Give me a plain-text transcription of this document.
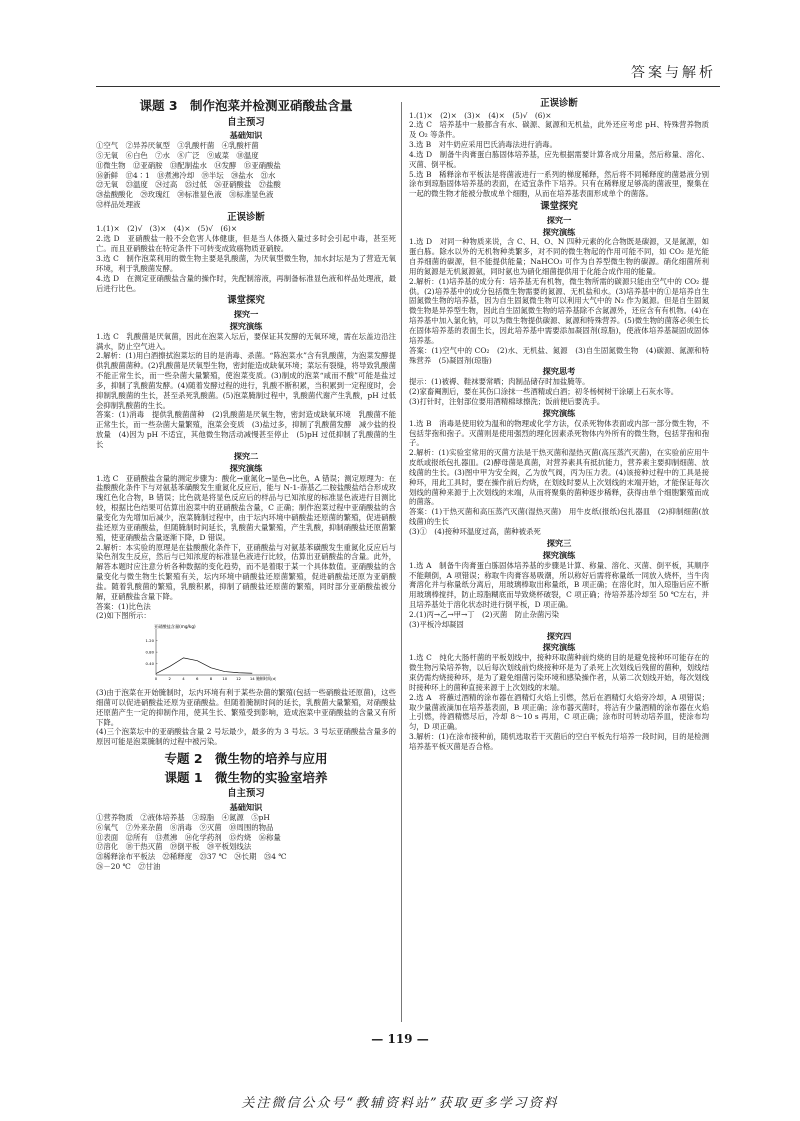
答案与解析
课题 3　制作泡菜并检测亚硝酸盐含量
自主预习
基础知识

①空气　②异养厌氧型　③乳酸杆菌　④乳酸杆菌

⑤无氧　⑥白色　⑦水　⑧广泛　⑨咸菜　⑩温度

⑪微生物　⑫亚硝胺　⑬配制盐水　⑭发酵　⑮亚硝酸盐

⑯新鲜　⑰4∶1　⑱煮沸冷却　⑲半坛　⑳盐水　㉑水

㉒无氧　㉓温度　㉔过高　㉕过低　㉖亚硝酸盐　㉗盐酸

㉘盐酸酸化　㉙玫瑰红　㉚标准显色液　㉛标准显色液

㉜样品处理液

正误诊断

1.(1)×　(2)√　(3)×　(4)×　(5)√　(6)×

2.选 D　亚硝酸盐一般不会危害人体健康，但是当人体摄入量过多时会引起中毒，甚至死亡。而且亚硝酸盐在特定条件下可转变成致癌物质亚硝胺。

3.选 C　制作泡菜利用的微生物主要是乳酸菌，为厌氧型微生物，加水封坛是为了营造无氧环境，利于乳酸菌发酵。

4.选 D　在测定亚硝酸盐含量的操作时，先配制溶液，再制备标准显色液和样品处理液，最后进行比色。

课堂探究
探究一
探究演练

1.选 C　乳酸菌是厌氧菌，因此在泡菜入坛后，要保证其发酵的无氧环境，需在坛盖边沿注满水，防止空气进入。

2.解析：(1)用白酒擦拭泡菜坛的目的是消毒、杀菌。“陈泡菜水”含有乳酸菌，为泡菜发酵提供乳酸菌菌种。(2)乳酸菌是厌氧型生物，密封能造成缺氧环境；菜坛有裂缝，将导致乳酸菌不能正常生长，而一些杂菌大量繁殖，使泡菜变质。(3)制成的泡菜“咸而不酸”可能是盐过多，抑制了乳酸菌发酵。(4)随着发酵过程的进行，乳酸不断积累，当积累到一定程度时，会抑制乳酸菌的生长，甚至杀死乳酸菌。(5)泡菜腌制过程中，乳酸菌代谢产生乳酸，pH 过低会抑制乳酸菌的生长。

答案：(1)消毒　提供乳酸菌菌种　(2)乳酸菌是厌氧生物，密封造成缺氧环境　乳酸菌不能正常生长，而一些杂菌大量繁殖，泡菜会变质　(3)盐过多，抑制了乳酸菌发酵　减少盐的投放量　(4)因为 pH 不适宜，其他微生物活动减慢甚至停止　(5)pH 过低抑制了乳酸菌的生长

探究二
探究演练

1.选 C　亚硝酸盐含量的测定步骤为：酸化→重氮化→显色→比色，A 错误；测定原理为：在盐酸酸化条件下与对氨基苯磺酸发生重氮化反应后，能与 N-1-萘基乙二胺盐酸盐结合形成玫瑰红色化合物，B 错误；比色就是将显色反应后的样品与已知浓度的标准显色液进行目测比较，根据比色结果可估算出泡菜中的亚硝酸盐含量，C 正确；制作泡菜过程中亚硝酸盐的含量变化为先增加后减少，泡菜腌制过程中，由于坛内环境中硝酸盐还原菌的繁殖，促进硝酸盐还原为亚硝酸盐，但随腌制时间延长，乳酸菌大量繁殖，产生乳酸，抑制硝酸盐还原菌繁殖，使亚硝酸盐含量逐渐下降，D 错误。

2.解析：本实验的原理是在盐酸酸化条件下，亚硝酸盐与对氨基苯磺酸发生重氮化反应后与染色剂发生反应，然后与已知浓度的标准显色液进行比较，估算出亚硝酸盐的含量。此外，解答本题时应注意分析各种数据的变化趋势，而不是着眼于某一个具体数值。亚硝酸盐的含量变化与微生物生长繁殖有关，坛内环境中硝酸盐还原菌繁殖，促进硝酸盐还原为亚硝酸盐。随着乳酸菌的繁殖，乳酸积累，抑制了硝酸盐还原菌的繁殖，同时部分亚硝酸盐被分解，亚硝酸盐含量下降。

答案：(1)比色法

(2)如下图所示：

亚硝酸盐含量(mg/kg)
0	2	4	6	8	10 12 14
0.40
0.80
1.20
腌制时间(d)

(3)由于泡菜在开始腌制时，坛内环境有利于某些杂菌的繁殖(包括一些硝酸盐还原菌)，这些细菌可以促进硝酸盐还原为亚硝酸盐。但随着腌制时间的延长，乳酸菌大量繁殖，对硝酸盐还原菌产生一定的抑制作用，使其生长、繁殖受到影响，造成泡菜中亚硝酸盐的含量又有所下降。

(4)三个泡菜坛中的亚硝酸盐含量 2 号坛最少，最多的为 3 号坛。3 号坛亚硝酸盐含量多的原因可能是泡菜腌制的过程中被污染。

专题 2　微生物的培养与应用
课题 1　微生物的实验室培养
自主预习
基础知识

①营养物质　②液体培养基　③琼脂　④氮源　⑤pH

⑥氧气　⑦外来杂菌　⑧消毒　⑨灭菌　⑩周围的物品

⑪表面　⑫所有　⑬煮沸　⑭化学药剂　⑮灼烧　⑯称量

⑰溶化　⑱干热灭菌　⑲倒平板　⑳平板划线法

㉑稀释涂布平板法　㉒稀释度　㉓37 ℃　㉔长期　㉕4 ℃

㉖－20 ℃　㉗甘油

正误诊断

1.(1)×　(2)×　(3)×　(4)×　(5)√　(6)×

2.选 C　培养基中一般都含有水、碳源、氮源和无机盐，此外还应考虑 pH、特殊营养物质及 O₂ 等条件。

3.选 B　对牛奶应采用巴氏消毒法进行消毒。

4.选 D　制备牛肉膏蛋白胨固体培养基，应先根据需要计算各成分用量，然后称量、溶化、灭菌、倒平板。

5.选 B　稀释涂布平板法是将菌液进行一系列的梯度稀释，然后将不同稀释度的菌悬液分别涂布到琼脂固体培养基的表面，在适宜条件下培养。只有在稀释度足够高的菌液里，聚集在一起的微生物才能被分散成单个细胞，从而在培养基表面形成单个的菌落。

课堂探究
探究一
探究演练

1.选 D　对同一种物质来说，含 C、H、O、N 四种元素的化合物既是碳源，又是氮源，如蛋白胨。除水以外的无机物种类繁多，对不同的微生物起的作用可能不同，如 CO₂ 是光能自养细菌的碳源，但不能提供能量；NaHCO₃ 可作为自养型微生物的碳源。硝化细菌所利用的氮源是无机氮源氨，同时氨也为硝化细菌提供用于化能合成作用的能量。

2.解析：(1)培养基的成分有：培养基无有机物，微生物所需的碳源只能由空气中的 CO₂ 提供。(2)培养基中的成分包括微生物需要的氮源、无机盐和水。(3)培养基中的①是培养自生固氮微生物的培养基，因为自生固氮微生物可以利用大气中的 N₂ 作为氮源。但是自生固氮微生物是异养型生物，因此自生固氮微生物的培养基除不含氮源外，还应含有有机物。(4)在培养基中加入氯化钠，可以为微生物提供碳源、氮源和特殊营养。(5)微生物的菌落必须生长在固体培养基的表面生长，因此培养基中需要添加凝固剂(琼脂)，使液体培养基凝固成固体培养基。

答案：(1)空气中的 CO₂　(2)水、无机盐、氮源　(3)自生固氮微生物　(4)碳源、氮源和特殊营养　(5)凝固剂(琼脂)

探究思考

提示：(1)被褥、鞋袜要常晒；肉制品储存时加盐腌等。

(2)家畜阉割后，要在其伤口涂抹一些酒精或白酒；初冬杨树树干涂刷上石灰水等。

(3)打针时，注射部位要用酒精棉球擦洗；饭前便后要洗手。

探究演练

1.选 B　消毒是使用较为温和的物理或化学方法，仅杀死物体表面或内部一部分微生物，不包括芽孢和孢子。灭菌则是使用强烈的理化因素杀死物体内外所有的微生物，包括芽孢和孢子。

2.解析：(1)实验室常用的灭菌方法是干热灭菌和湿热灭菌(高压蒸汽灭菌)，在实验前应用牛皮纸或报纸包扎器皿。(2)酵母菌是真菌，对营养素具有抵抗能力，营养素主要抑制细菌、放线菌的生长。(3)图中甲为安全阀，乙为放气阀，丙为压力表。(4)该接种过程中的工具是接种环，用此工具时，要在操作前后灼烧，在划线时要从上次划线的末端开始，才能保证每次划线的菌种来源于上次划线的末端，从而将聚集的菌种逐步稀释，获得由单个细胞繁殖而成的菌落。

答案：(1)干热灭菌和高压蒸汽灭菌(湿热灭菌)　用牛皮纸(报纸)包扎器皿　(2)抑制细菌(放线菌)的生长

(3)①　(4)接种环温度过高，菌种被杀死

探究三
探究演练

1.选 A　制备牛肉膏蛋白胨固体培养基的步骤是计算、称量、溶化、灭菌、倒平板，其顺序不能颠倒，A 项错误；称取牛肉膏容易吸潮，所以称好后需将称量纸一同放入烧杯，当牛肉膏溶化并与称量纸分离后，用玻璃棒取出称量纸，B 项正确；在溶化时，加入琼脂后应不断用玻璃棒搅拌，防止琼脂糊底而导致烧杯破裂，C 项正确；待培养基冷却至 50 ℃左右，并且培养基处于溶化状态时进行倒平板，D 项正确。

2.(1)丙→乙→甲→丁　(2)灭菌　防止杂菌污染

(3)平板冷却凝固

探究四
探究演练

1.选 C　纯化大肠杆菌的平板划线中，接种环取菌种前灼烧的目的是避免接种环可能存在的微生物污染培养物，以后每次划线前灼烧接种环是为了杀死上次划线后残留的菌种，划线结束仍需灼烧接种环，是为了避免细菌污染环境和感染操作者，从第二次划线开始，每次划线时接种环上的菌种直接来源于上次划线的末端。

2.选 A　将蘸过酒精的涂布器在酒精灯火焰上引燃，然后在酒精灯火焰旁冷却，A 项错误；取少量菌液滴加在培养基表面，B 项正确；涂布器灭菌时，将沾有少量酒精的涂布器在火焰上引燃，待酒精燃尽后，冷却 8～10 s 再用，C 项正确；涂布时可转动培养皿，使涂布均匀，D 项正确。

3.解析：(1)在涂布接种前，随机选取若干灭菌后的空白平板先行培养一段时间，目的是检测培养基平板灭菌是否合格。

— 119 —
关注微信公众号“教辅资料站”获取更多学习资料
